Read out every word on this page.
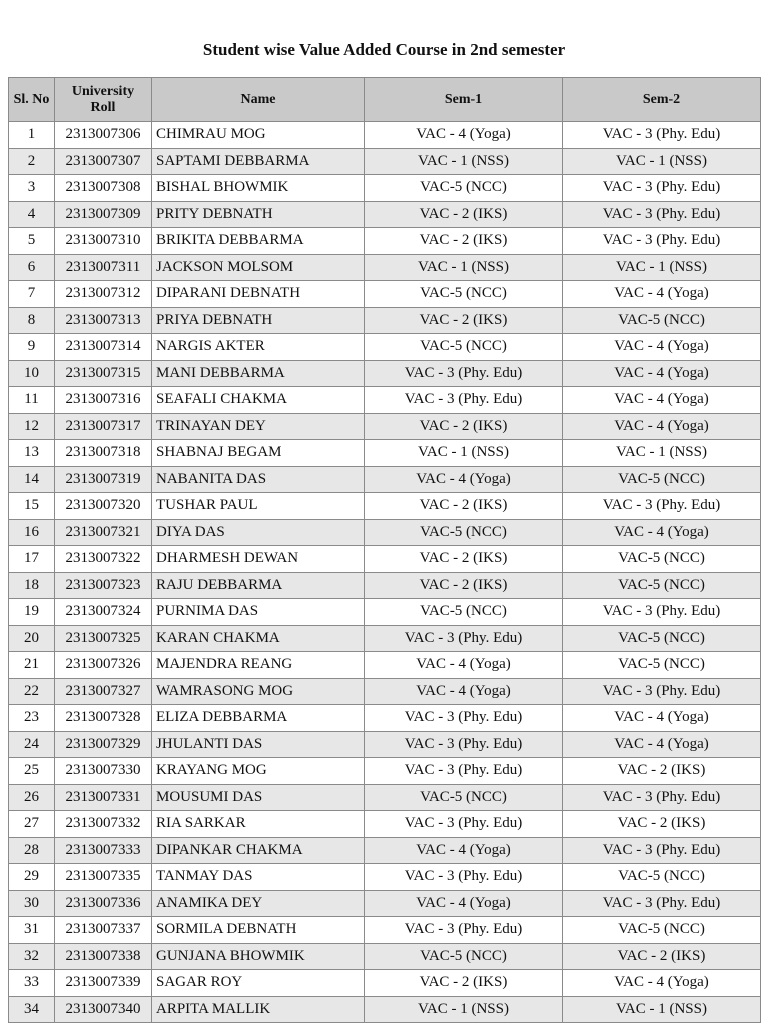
Student wise Value Added Course in 2nd semester
Sl. No	University Roll	Name	Sem-1	Sem-2
1	2313007306	CHIMRAU MOG	VAC - 4 (Yoga)	VAC - 3 (Phy. Edu)
2	2313007307	SAPTAMI DEBBARMA	VAC - 1 (NSS)	VAC - 1 (NSS)
3	2313007308	BISHAL BHOWMIK	VAC-5 (NCC)	VAC - 3 (Phy. Edu)
4	2313007309	PRITY DEBNATH	VAC - 2 (IKS)	VAC - 3 (Phy. Edu)
5	2313007310	BRIKITA DEBBARMA	VAC - 2 (IKS)	VAC - 3 (Phy. Edu)
6	2313007311	JACKSON MOLSOM	VAC - 1 (NSS)	VAC - 1 (NSS)
7	2313007312	DIPARANI DEBNATH	VAC-5 (NCC)	VAC - 4 (Yoga)
8	2313007313	PRIYA DEBNATH	VAC - 2 (IKS)	VAC-5 (NCC)
9	2313007314	NARGIS AKTER	VAC-5 (NCC)	VAC - 4 (Yoga)
10	2313007315	MANI DEBBARMA	VAC - 3 (Phy. Edu)	VAC - 4 (Yoga)
11	2313007316	SEAFALI CHAKMA	VAC - 3 (Phy. Edu)	VAC - 4 (Yoga)
12	2313007317	TRINAYAN DEY	VAC - 2 (IKS)	VAC - 4 (Yoga)
13	2313007318	SHABNAJ BEGAM	VAC - 1 (NSS)	VAC - 1 (NSS)
14	2313007319	NABANITA DAS	VAC - 4 (Yoga)	VAC-5 (NCC)
15	2313007320	TUSHAR PAUL	VAC - 2 (IKS)	VAC - 3 (Phy. Edu)
16	2313007321	DIYA DAS	VAC-5 (NCC)	VAC - 4 (Yoga)
17	2313007322	DHARMESH DEWAN	VAC - 2 (IKS)	VAC-5 (NCC)
18	2313007323	RAJU DEBBARMA	VAC - 2 (IKS)	VAC-5 (NCC)
19	2313007324	PURNIMA DAS	VAC-5 (NCC)	VAC - 3 (Phy. Edu)
20	2313007325	KARAN CHAKMA	VAC - 3 (Phy. Edu)	VAC-5 (NCC)
21	2313007326	MAJENDRA REANG	VAC - 4 (Yoga)	VAC-5 (NCC)
22	2313007327	WAMRASONG MOG	VAC - 4 (Yoga)	VAC - 3 (Phy. Edu)
23	2313007328	ELIZA DEBBARMA	VAC - 3 (Phy. Edu)	VAC - 4 (Yoga)
24	2313007329	JHULANTI DAS	VAC - 3 (Phy. Edu)	VAC - 4 (Yoga)
25	2313007330	KRAYANG MOG	VAC - 3 (Phy. Edu)	VAC - 2 (IKS)
26	2313007331	MOUSUMI DAS	VAC-5 (NCC)	VAC - 3 (Phy. Edu)
27	2313007332	RIA SARKAR	VAC - 3 (Phy. Edu)	VAC - 2 (IKS)
28	2313007333	DIPANKAR CHAKMA	VAC - 4 (Yoga)	VAC - 3 (Phy. Edu)
29	2313007335	TANMAY DAS	VAC - 3 (Phy. Edu)	VAC-5 (NCC)
30	2313007336	ANAMIKA DEY	VAC - 4 (Yoga)	VAC - 3 (Phy. Edu)
31	2313007337	SORMILA DEBNATH	VAC - 3 (Phy. Edu)	VAC-5 (NCC)
32	2313007338	GUNJANA BHOWMIK	VAC-5 (NCC)	VAC - 2 (IKS)
33	2313007339	SAGAR ROY	VAC - 2 (IKS)	VAC - 4 (Yoga)
34	2313007340	ARPITA MALLIK	VAC - 1 (NSS)	VAC - 1 (NSS)
